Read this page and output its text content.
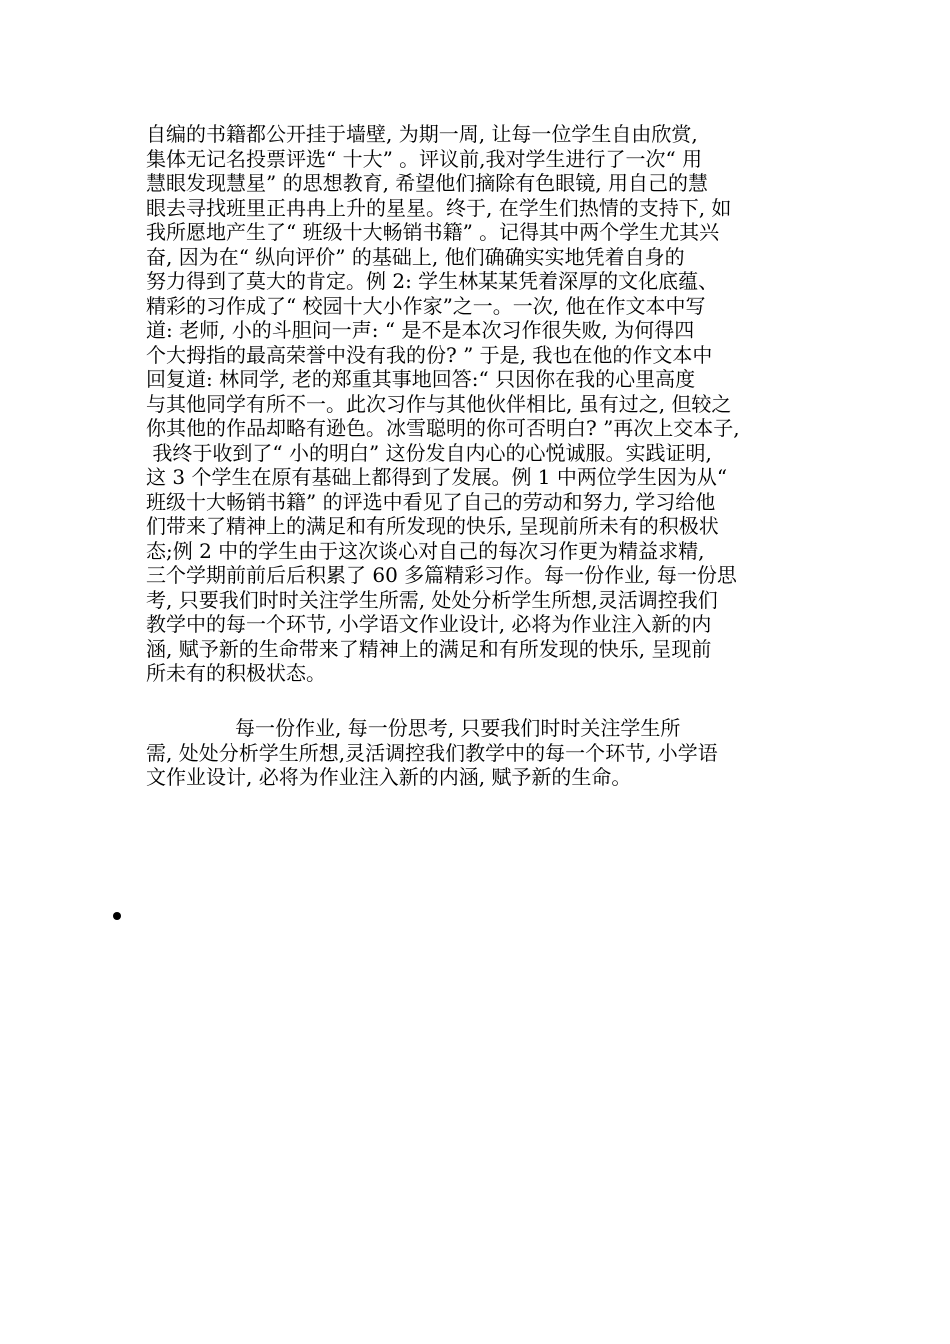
自编的书籍都公开挂于墙壁, 为期一周, 让每一位学生自由欣赏,
集体无记名投票评选“ 十大” 。评议前,我对学生进行了一次“ 用
慧眼发现慧星” 的思想教育, 希望他们摘除有色眼镜, 用自己的慧
眼去寻找班里正冉冉上升的星星。终于, 在学生们热情的支持下, 如
我所愿地产生了“ 班级十大畅销书籍” 。记得其中两个学生尤其兴
奋, 因为在“ 纵向评价” 的基础上, 他们确确实实地凭着自身的
努力得到了莫大的肯定。例 2: 学生林某某凭着深厚的文化底蕴、
精彩的习作成了“ 校园十大小作家”之一。一次, 他在作文本中写
道: 老师, 小的斗胆问一声: “ 是不是本次习作很失败, 为何得四
个大拇指的最高荣誉中没有我的份? ” 于是, 我也在他的作文本中
回复道: 林同学, 老的郑重其事地回答:“ 只因你在我的心里高度
与其他同学有所不一。此次习作与其他伙伴相比, 虽有过之, 但较之
你其他的作品却略有逊色。冰雪聪明的你可否明白? ”再次上交本子,
我终于收到了“ 小的明白” 这份发自内心的心悦诚服。实践证明,
这 3 个学生在原有基础上都得到了发展。例 1 中两位学生因为从“
班级十大畅销书籍” 的评选中看见了自己的劳动和努力, 学习给他
们带来了精神上的满足和有所发现的快乐, 呈现前所未有的积极状
态;例 2 中的学生由于这次谈心对自己的每次习作更为精益求精,
三个学期前前后后积累了 60 多篇精彩习作。每一份作业, 每一份思
考, 只要我们时时关注学生所需, 处处分析学生所想,灵活调控我们
教学中的每一个环节, 小学语文作业设计, 必将为作业注入新的内
涵, 赋予新的生命带来了精神上的满足和有所发现的快乐, 呈现前
所未有的积极状态。
每一份作业, 每一份思考, 只要我们时时关注学生所
需, 处处分析学生所想,灵活调控我们教学中的每一个环节, 小学语
文作业设计, 必将为作业注入新的内涵, 赋予新的生命。
